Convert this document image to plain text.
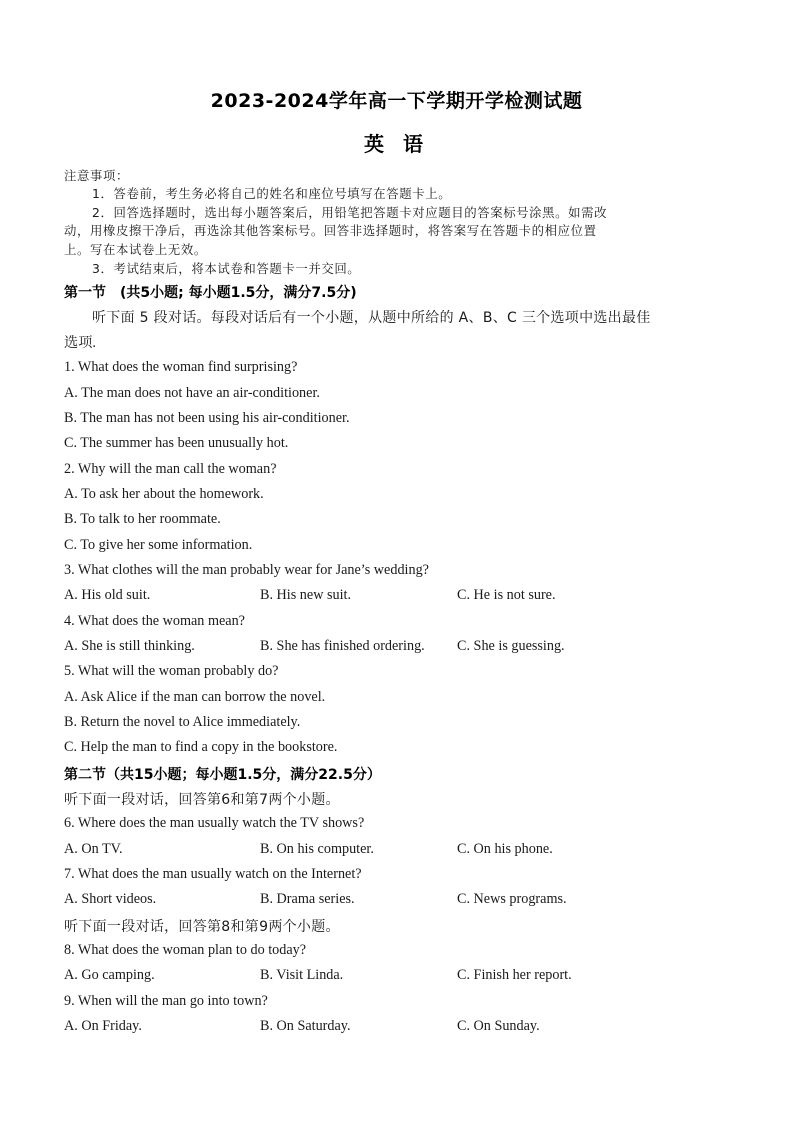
2023-2024学年高一下学期开学检测试题
英 语
注意事项：
1．答卷前，考生务必将自己的姓名和座位号填写在答题卡上。
2．回答选择题时，选出每小题答案后，用铅笔把答题卡对应题目的答案标号涂黑。如需改
动，用橡皮擦干净后，再选涂其他答案标号。回答非选择题时，将答案写在答题卡的相应位置
上。写在本试卷上无效。
3．考试结束后，将本试卷和答题卡一并交回。
第一节　(共5小题; 每小题1.5分，满分7.5分)
听下面 5 段对话。每段对话后有一个小题，从题中所给的 A、B、C 三个选项中选出最佳
选项.
1. What does the woman find surprising?
A. The man does not have an air-conditioner.
B. The man has not been using his air-conditioner.
C. The summer has been unusually hot.
2. Why will the man call the woman?
A. To ask her about the homework.
B. To talk to her roommate.
C. To give her some information.
3. What clothes will the man probably wear for Jane’s wedding?
A. His old suit.	B. His new suit.	C. He is not sure.
4. What does the woman mean?
A. She is still thinking.	B. She has finished ordering. C. She is guessing.
5. What will the woman probably do?
A. Ask Alice if the man can borrow the novel.
B. Return the novel to Alice immediately.
C. Help the man to find a copy in the bookstore.
第二节（共15小题；每小题1.5分，满分22.5分）
听下面一段对话，回答第6和第7两个小题。
6. Where does the man usually watch the TV shows?
A. On TV.	B. On his computer.	C. On his phone.
7. What does the man usually watch on the Internet?
A. Short videos.	B. Drama series.	C. News programs.
听下面一段对话，回答第8和第9两个小题。
8. What does the woman plan to do today?
A. Go camping.	B. Visit Linda.	C. Finish her report.
9. When will the man go into town?
A. On Friday.	B. On Saturday.	C. On Sunday.
